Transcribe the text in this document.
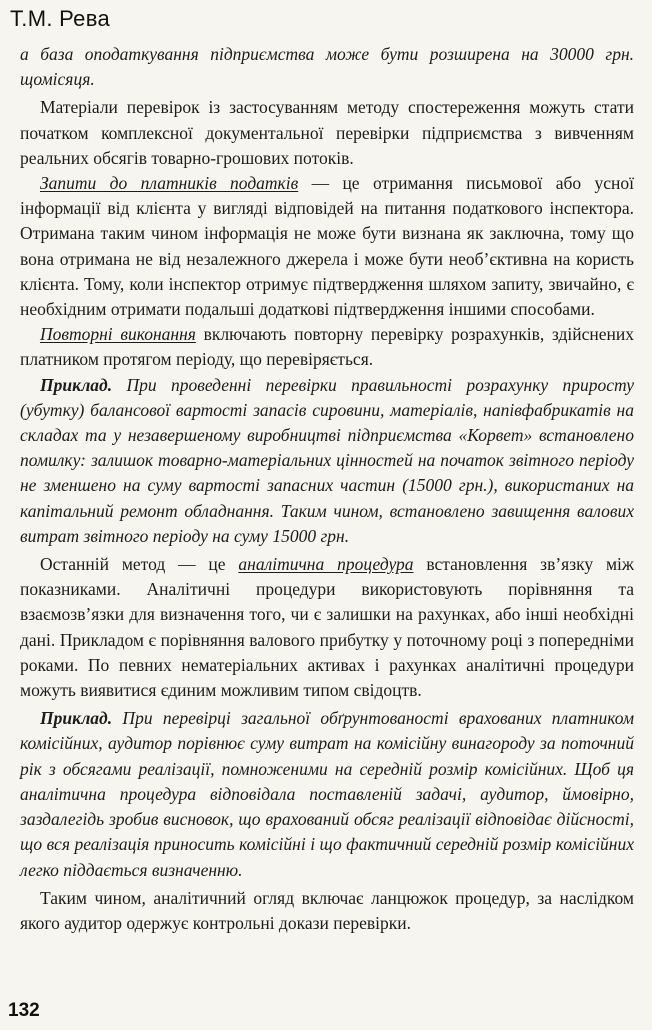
Т.М. Рева

а база оподаткування підприємства може бути розширена на 30000 грн. щомісяця.

Матеріали перевірок із застосуванням методу спостереження можуть стати початком комплексної документальної перевірки підприємства з вивченням реальних обсягів товарно-грошових потоків.

Запити до платників податків — це отримання письмової або усної інформації від клієнта у вигляді відповідей на питання податкового інспектора. Отримана таким чином інформація не може бути визнана як заключна, тому що вона отримана не від незалежного джерела і може бути необ’єктивна на користь клієнта. Тому, коли інспектор отримує підтвердження шляхом запиту, звичайно, є необхідним отримати подальші додаткові підтвердження іншими способами.

Повторні виконання включають повторну перевірку розрахунків, здійснених платником протягом періоду, що перевіряється.

Приклад. При проведенні перевірки правильності розрахунку приросту (убутку) балансової вартості запасів сировини, матеріалів, напівфабрикатів на складах та у незавершеному виробництві підприємства «Корвет» встановлено помилку: залишок товарно-матеріальних цінностей на початок звітного періоду не зменшено на суму вартості запасних частин (15000 грн.), використаних на капітальний ремонт обладнання. Таким чином, встановлено завищення валових витрат звітного періоду на суму 15000 грн.

Останній метод — це аналітична процедура встановлення зв’язку між показниками. Аналітичні процедури використовують порівняння та взаємозв’язки для визначення того, чи є залишки на рахунках, або інші необхідні дані. Прикладом є порівняння валового прибутку у поточному році з попередніми роками. По певних нематеріальних активах і рахунках аналітичні процедури можуть виявитися єдиним можливим типом свідоцтв.

Приклад. При перевірці загальної обґрунтованості врахованих платником комісійних, аудитор порівнює суму витрат на комісійну винагороду за поточний рік з обсягами реалізації, помноженими на середній розмір комісійних. Щоб ця аналітична процедура відповідала поставленій задачі, аудитор, ймовірно, заздалегідь зробив висновок, що врахований обсяг реалізації відповідає дійсності, що вся реалізація приносить комісійні і що фактичний середній розмір комісійних легко піддається визначенню.

Таким чином, аналітичний огляд включає ланцюжок процедур, за наслідком якого аудитор одержує контрольні докази перевірки.

132
